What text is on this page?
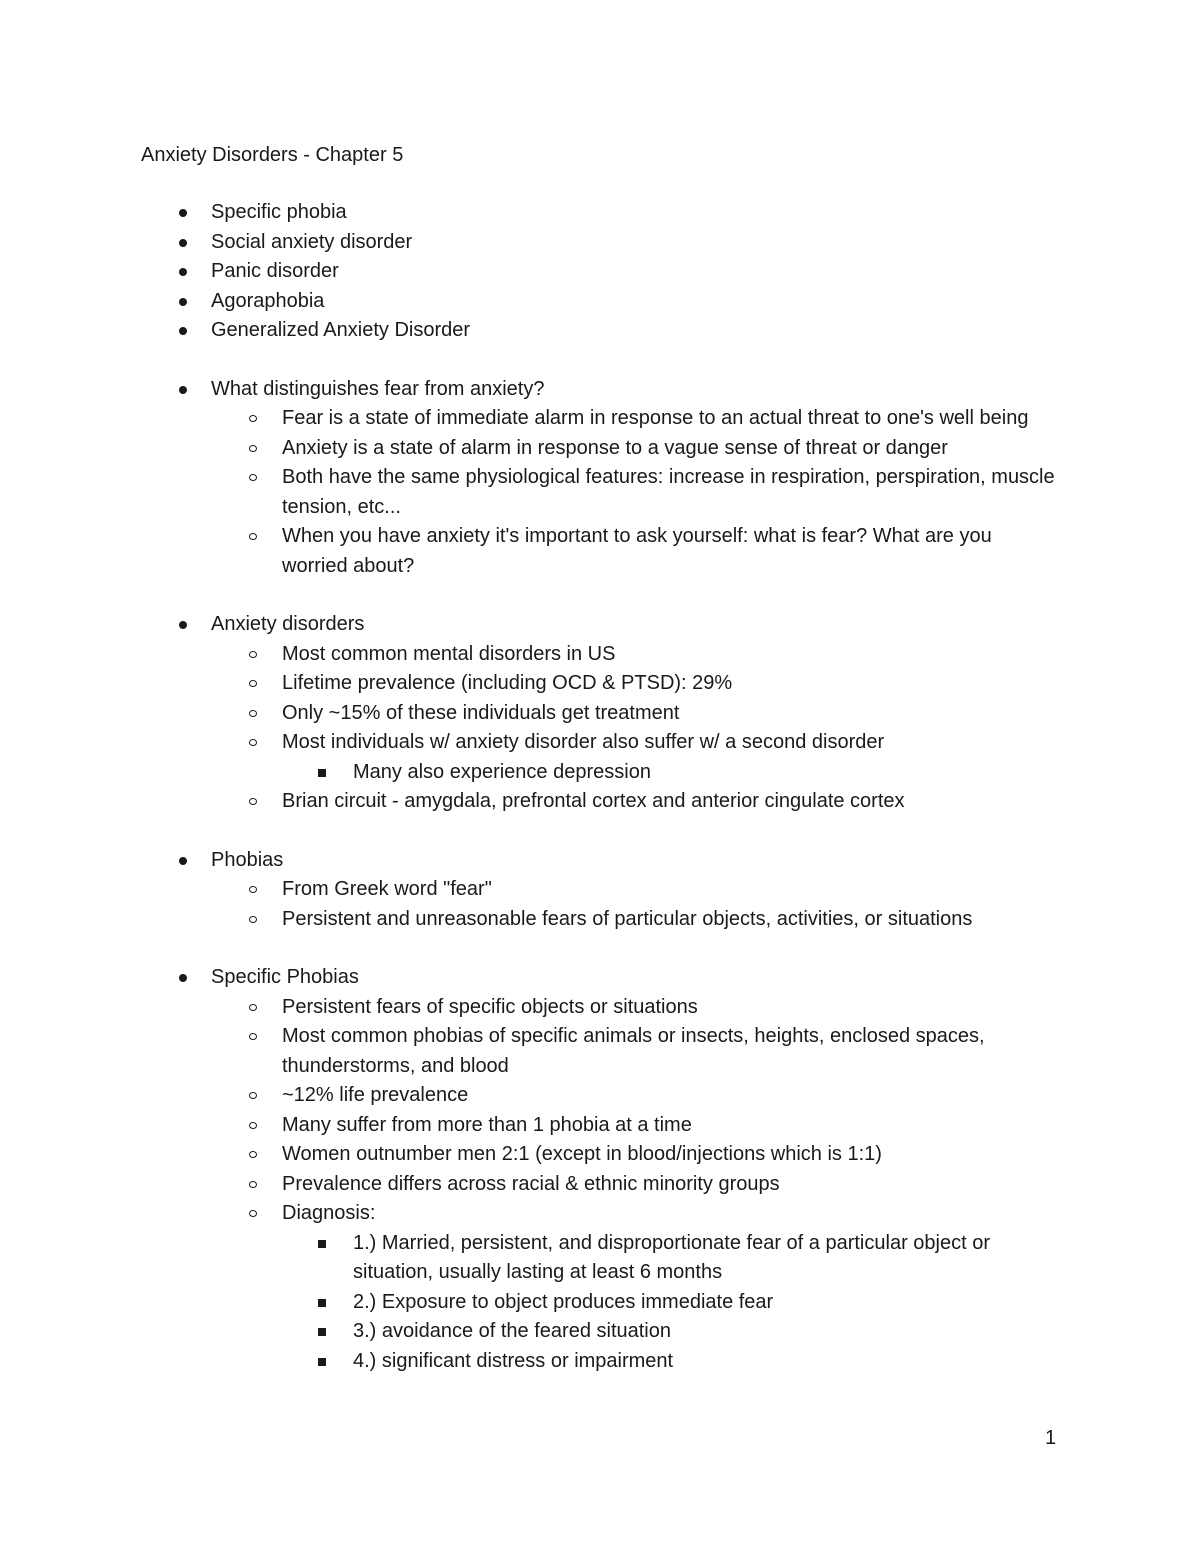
Anxiety Disorders - Chapter 5
Specific phobia
Social anxiety disorder
Panic disorder
Agoraphobia
Generalized Anxiety Disorder
What distinguishes fear from anxiety?
Fear is a state of immediate alarm in response to an actual threat to one's well being
Anxiety is a state of alarm in response to a vague sense of threat or danger
Both have the same physiological features: increase in respiration, perspiration, muscle tension, etc...
When you have anxiety it's important to ask yourself: what is fear? What are you worried about?
Anxiety disorders
Most common mental disorders in US
Lifetime prevalence (including OCD & PTSD): 29%
Only ~15% of these individuals get treatment
Most individuals w/ anxiety disorder also suffer w/ a second disorder
Many also experience depression
Brian circuit - amygdala, prefrontal cortex and anterior cingulate cortex
Phobias
From Greek word "fear"
Persistent and unreasonable fears of particular objects, activities, or situations
Specific Phobias
Persistent fears of specific objects or situations
Most common phobias of specific animals or insects, heights, enclosed spaces, thunderstorms, and blood
~12% life prevalence
Many suffer from more than 1 phobia at a time
Women outnumber men 2:1 (except in blood/injections which is 1:1)
Prevalence differs across racial & ethnic minority groups
Diagnosis:
1.) Married, persistent, and disproportionate fear of a particular object or situation, usually lasting at least 6 months
2.) Exposure to object produces immediate fear
3.) avoidance of the feared situation
4.) significant distress or impairment
1
